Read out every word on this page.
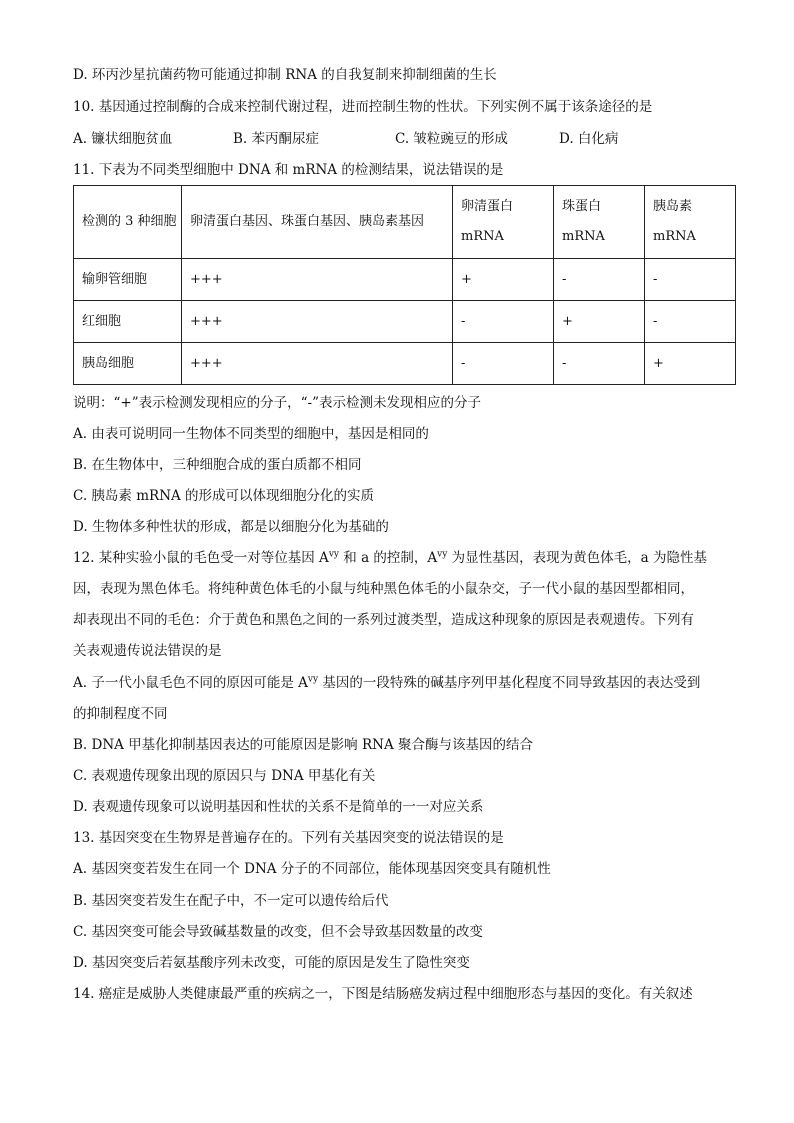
D. 环丙沙星抗菌药物可能通过抑制 RNA 的自我复制来抑制细菌的生长
10. 基因通过控制酶的合成来控制代谢过程，进而控制生物的性状。下列实例不属于该条途径的是
A. 镰状细胞贫血	B. 苯丙酮尿症	C. 皱粒豌豆的形成	D. 白化病
11. 下表为不同类型细胞中 DNA 和 mRNA 的检测结果，说法错误的是
检测的 3 种细胞	卵清蛋白基因、珠蛋白基因、胰岛素基因	卵清蛋白 mRNA	珠蛋白 mRNA	胰岛素 mRNA
输卵管细胞	+++	+	-	-
红细胞	+++	-	+	-
胰岛细胞	+++	-	-	+
说明：“+”表示检测发现相应的分子，“-”表示检测未发现相应的分子
A. 由表可说明同一生物体不同类型的细胞中，基因是相同的
B. 在生物体中，三种细胞合成的蛋白质都不相同
C. 胰岛素 mRNA 的形成可以体现细胞分化的实质
D. 生物体多种性状的形成，都是以细胞分化为基础的
12. 某种实验小鼠的毛色受一对等位基因 $A^{vy}$ 和 a 的控制，$A^{vy}$ 为显性基因，表现为黄色体毛，a 为隐性基
因，表现为黑色体毛。将纯种黄色体毛的小鼠与纯种黑色体毛的小鼠杂交，子一代小鼠的基因型都相同，
却表现出不同的毛色：介于黄色和黑色之间的一系列过渡类型，造成这种现象的原因是表观遗传。下列有
关表观遗传说法错误的是
A. 子一代小鼠毛色不同的原因可能是 $A^{vy}$ 基因的一段特殊的碱基序列甲基化程度不同导致基因的表达受到
的抑制程度不同
B. DNA 甲基化抑制基因表达的可能原因是影响 RNA 聚合酶与该基因的结合
C. 表观遗传现象出现的原因只与 DNA 甲基化有关
D. 表观遗传现象可以说明基因和性状的关系不是简单的一一对应关系
13. 基因突变在生物界是普遍存在的。下列有关基因突变的说法错误的是
A. 基因突变若发生在同一个 DNA 分子的不同部位，能体现基因突变具有随机性
B. 基因突变若发生在配子中，不一定可以遗传给后代
C. 基因突变可能会导致碱基数量的改变，但不会导致基因数量的改变
D. 基因突变后若氨基酸序列未改变，可能的原因是发生了隐性突变
14. 癌症是威胁人类健康最严重的疾病之一，下图是结肠癌发病过程中细胞形态与基因的变化。有关叙述
